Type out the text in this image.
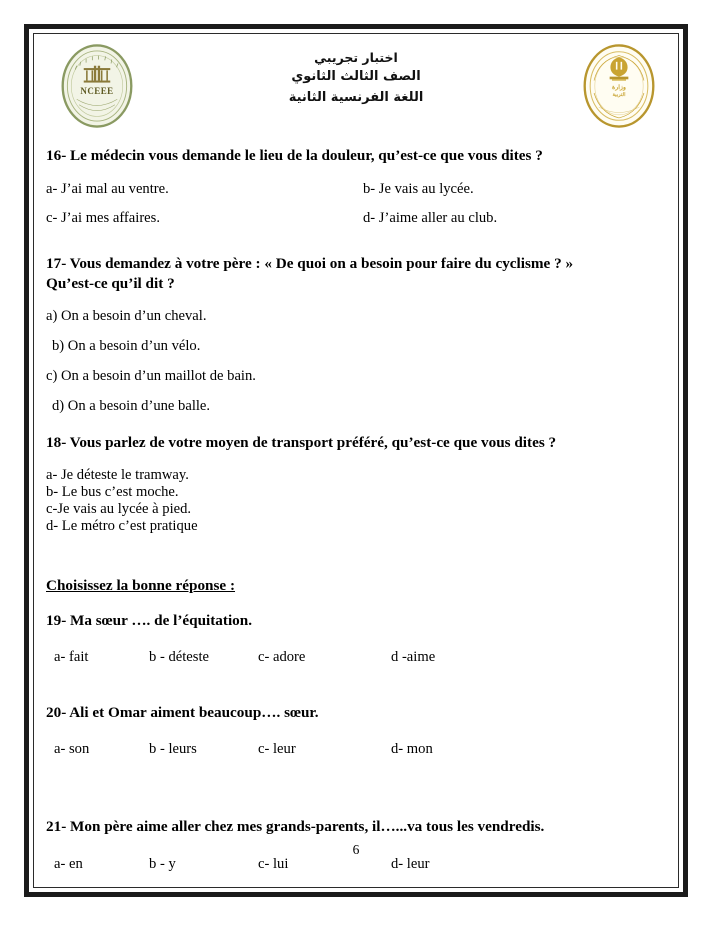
NCEEE
اختبار تجريبي
الصف الثالث الثانوي
اللغة الفرنسية الثانية
وزارة
التربية

16- Le médecin vous demande le lieu de la douleur, qu’est-ce que vous dites ?

a- J’ai mal au ventre.	b- Je vais au lycée.
c- J’ai mes affaires.	d- J’aime aller au club.

17- Vous demandez à votre père : « De quoi on a besoin pour faire du cyclisme ? »

Qu’est-ce qu’il dit ?

a) On a besoin d’un cheval.
b) On a besoin d’un vélo.
c) On a besoin d’un maillot de bain.
d) On a besoin d’une balle.

18- Vous parlez de votre moyen de transport préféré, qu’est-ce que vous dites ?

a- Je déteste le tramway.
b- Le bus c’est moche.
c-Je vais au lycée à pied.
d- Le métro c’est pratique
Choisissez la bonne réponse :

19- Ma sœur …. de l’équitation.

a- fait	b - déteste	c- adore	d -aime

20- Ali et Omar aiment beaucoup…. sœur.

a- son	b - leurs	c- leur	d- mon

21- Mon père aime aller chez mes grands-parents, il…...va tous les vendredis.

a- en	b - y	c- lui	d- leur
6
